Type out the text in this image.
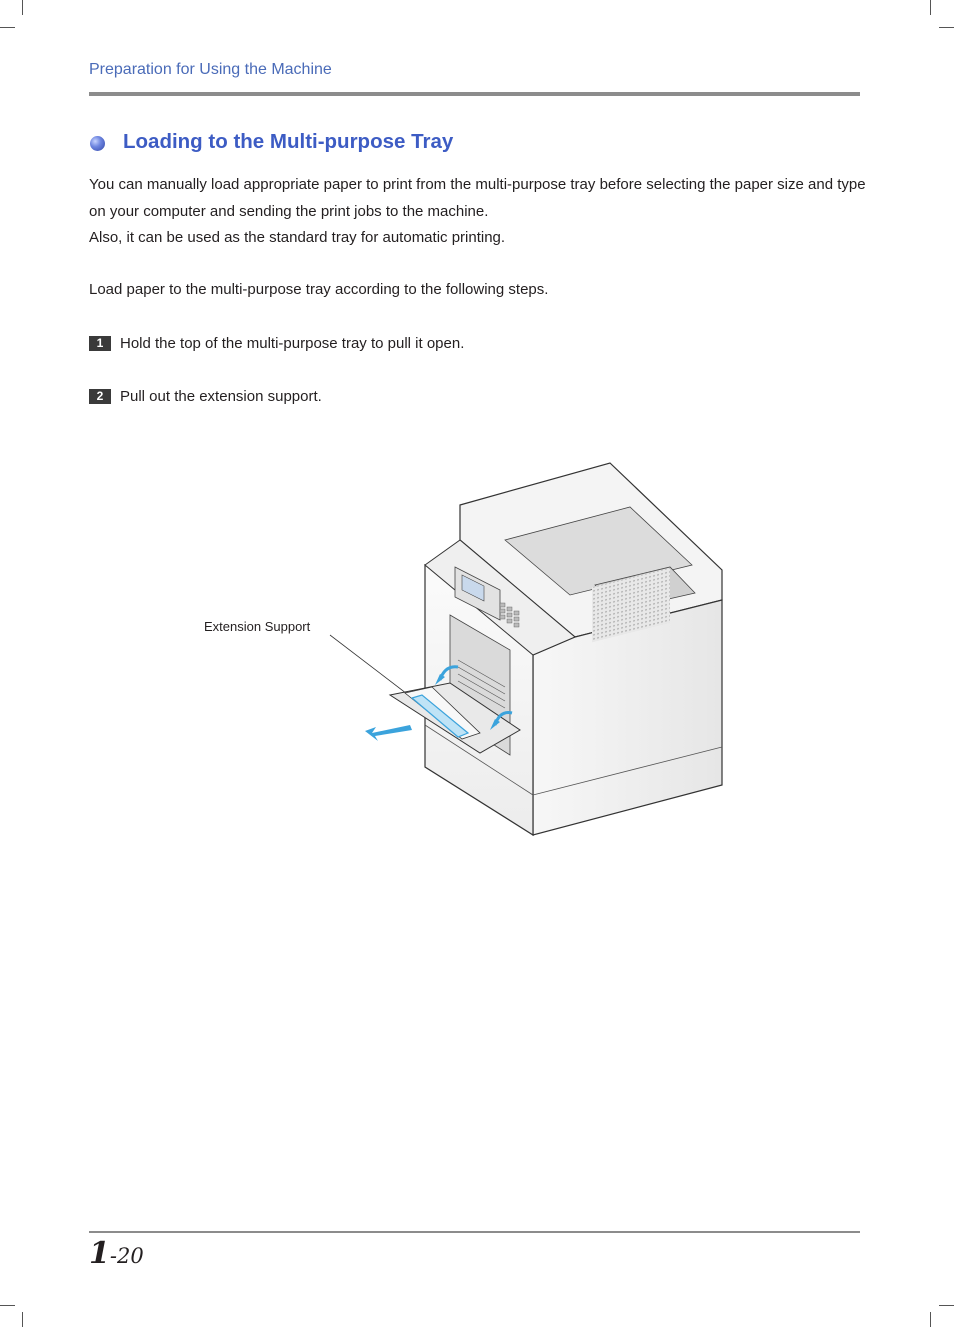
Preparation for Using the Machine
Loading to the Multi-purpose Tray

You can manually load appropriate paper to print from the multi-purpose tray before selecting the paper size and type on your computer and sending the print jobs to the machine.
Also, it can be used as the standard tray for automatic printing.

Load paper to the multi-purpose tray according to the following steps.

1	Hold the top of the multi-purpose tray to pull it open.
2	Pull out the extension support.
Extension Support
1-20
